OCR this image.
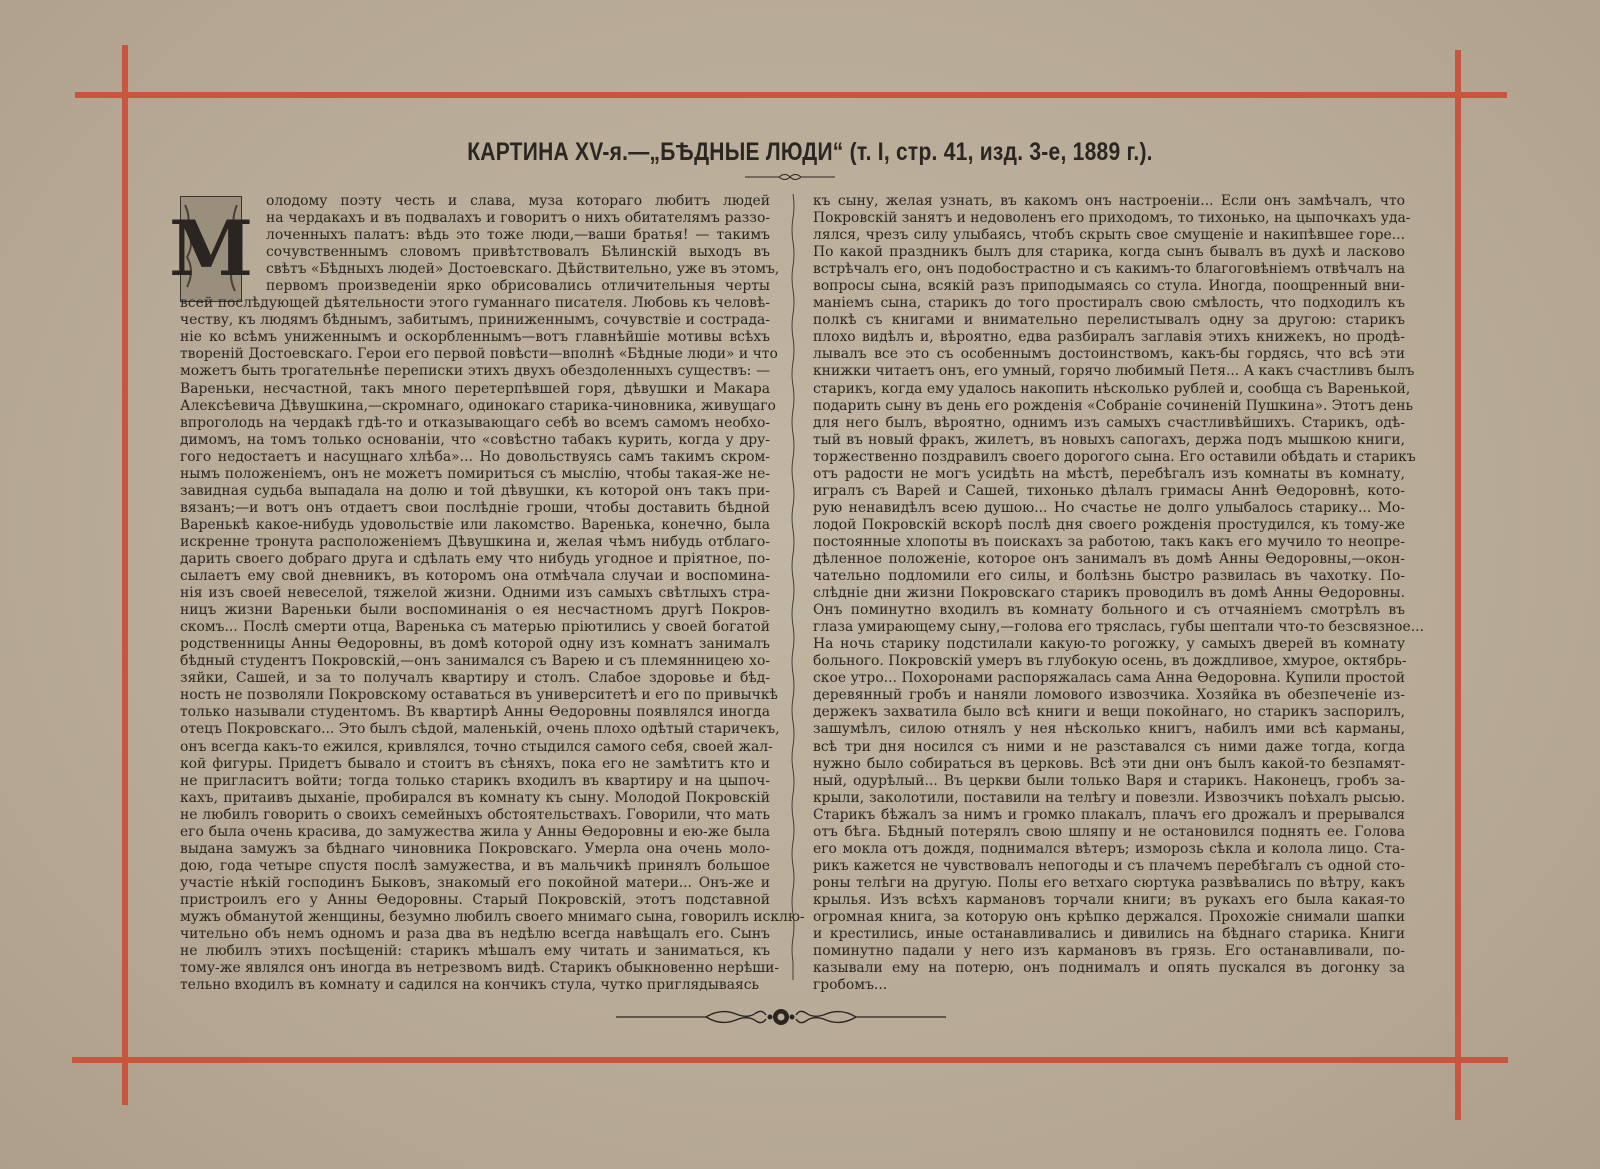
КАРТИНА XV-я.—„БѢДНЫЕ ЛЮДИ“ (т. I, стр. 41, изд. 3-е, 1889 г.).
М
олодому поэту честь и слава, муза котораго любитъ людей
на чердакахъ и въ подвалахъ и говоритъ о нихъ обитателямъ раззо-
лоченныхъ палатъ: вѣдь это тоже люди,—ваши братья! — такимъ
сочувственнымъ словомъ привѣтствовалъ Бѣлинскій выходъ въ
свѣтъ «Бѣдныхъ людей» Достоевскаго. Дѣйствительно, уже въ этомъ,
первомъ произведеніи ярко обрисовались отличительныя черты
всей послѣдующей дѣятельности этого гуманнаго писателя. Любовь къ человѣ-
честву, къ людямъ бѣднымъ, забитымъ, приниженнымъ, сочувствіе и сострада-
ніе ко всѣмъ униженнымъ и оскорбленнымъ—вотъ главнѣйшіе мотивы всѣхъ
твореній Достоевскаго. Герои его первой повѣсти—вполнѣ «Бѣдные люди» и что
можетъ быть трогательнѣе переписки этихъ двухъ обездоленныхъ существъ: —
Вареньки, несчастной, такъ много перетерпѣвшей горя, дѣвушки и Макара
Алексѣевича Дѣвушкина,—скромнаго, одинокаго старика-чиновника, живущаго
впроголодь на чердакѣ гдѣ-то и отказывающаго себѣ во всемъ самомъ необхо-
димомъ, на томъ только основаніи, что «совѣстно табакъ курить, когда у дру-
гого недостаетъ и насущнаго хлѣба»... Но довольствуясь самъ такимъ скром-
нымъ положеніемъ, онъ не можетъ помириться съ мыслію, чтобы такая-же не-
завидная судьба выпадала на долю и той дѣвушки, къ которой онъ такъ при-
вязанъ;—и вотъ онъ отдаетъ свои послѣдніе гроши, чтобы доставить бѣдной
Варенькѣ какое-нибудь удовольствіе или лакомство. Варенька, конечно, была
искренне тронута расположеніемъ Дѣвушкина и, желая чѣмъ нибудь отблаго-
дарить своего добраго друга и сдѣлать ему что нибудь угодное и пріятное, по-
сылаетъ ему свой дневникъ, въ которомъ она отмѣчала случаи и воспомина-
нія изъ своей невеселой, тяжелой жизни. Одними изъ самыхъ свѣтлыхъ стра-
ницъ жизни Вареньки были воспоминанія о ея несчастномъ другѣ Покров-
скомъ... Послѣ смерти отца, Варенька съ матерью пріютились у своей богатой
родственницы Анны Ѳедоровны, въ домѣ которой одну изъ комнатъ занималъ
бѣдный студентъ Покровскій,—онъ занимался съ Варею и съ племянницею хо-
зяйки, Сашей, и за то получалъ квартиру и столъ. Слабое здоровье и бѣд-
ность не позволяли Покровскому оставаться въ университетѣ и его по привычкѣ
только называли студентомъ. Въ квартирѣ Анны Ѳедоровны появлялся иногда
отецъ Покровскаго... Это былъ сѣдой, маленькій, очень плохо одѣтый старичекъ,
онъ всегда какъ-то ежился, кривлялся, точно стыдился самого себя, своей жал-
кой фигуры. Придетъ бывало и стоитъ въ сѣняхъ, пока его не замѣтитъ кто и
не пригласитъ войти; тогда только старикъ входилъ въ квартиру и на цыпоч-
кахъ, притаивъ дыханіе, пробирался въ комнату къ сыну. Молодой Покровскій
не любилъ говорить о своихъ семейныхъ обстоятельствахъ. Говорили, что мать
его была очень красива, до замужества жила у Анны Ѳедоровны и ею-же была
выдана замужъ за бѣднаго чиновника Покровскаго. Умерла она очень моло-
дою, года четыре спустя послѣ замужества, и въ мальчикѣ принялъ большое
участіе нѣкій господинъ Быковъ, знакомый его покойной матери... Онъ-же и
пристроилъ его у Анны Ѳедоровны. Старый Покровскій, этотъ подставной
мужъ обманутой женщины, безумно любилъ своего мнимаго сына, говорилъ исклю-
чительно объ немъ одномъ и раза два въ недѣлю всегда навѣщалъ его. Сынъ
не любилъ этихъ посѣщеній: старикъ мѣшалъ ему читать и заниматься, къ
тому-же являлся онъ иногда въ нетрезвомъ видѣ. Старикъ обыкновенно нерѣши-
тельно входилъ въ комнату и садился на кончикъ стула, чутко приглядываясь
къ сыну, желая узнать, въ какомъ онъ настроеніи... Если онъ замѣчалъ, что
Покровскій занятъ и недоволенъ его приходомъ, то тихонько, на цыпочкахъ уда-
лялся, чрезъ силу улыбаясь, чтобъ скрыть свое смущеніе и накипѣвшее горе...
По какой праздникъ былъ для старика, когда сынъ бывалъ въ духѣ и ласково
встрѣчалъ его, онъ подобострастно и съ какимъ-то благоговѣніемъ отвѣчалъ на
вопросы сына, всякій разъ приподымаясь со стула. Иногда, поощренный вни-
маніемъ сына, старикъ до того простиралъ свою смѣлость, что подходилъ къ
полкѣ съ книгами и внимательно перелистывалъ одну за другою: старикъ
плохо видѣлъ и, вѣроятно, едва разбиралъ заглавія этихъ книжекъ, но продѣ-
лывалъ все это съ особеннымъ достоинствомъ, какъ-бы гордясь, что всѣ эти
книжки читаетъ онъ, его умный, горячо любимый Петя... А какъ счастливъ былъ
старикъ, когда ему удалось накопить нѣсколько рублей и, сообща съ Варенькой,
подарить сыну въ день его рожденія «Собраніе сочиненій Пушкина». Этотъ день
для него былъ, вѣроятно, однимъ изъ самыхъ счастливѣйшихъ. Старикъ, одѣ-
тый въ новый фракъ, жилетъ, въ новыхъ сапогахъ, держа подъ мышкою книги,
торжественно поздравилъ своего дорогого сына. Его оставили обѣдать и старикъ
отъ радости не могъ усидѣть на мѣстѣ, перебѣгалъ изъ комнаты въ комнату,
игралъ съ Варей и Сашей, тихонько дѣлалъ гримасы Аннѣ Ѳедоровнѣ, кото-
рую ненавидѣлъ всею душою... Но счастье не долго улыбалось старику... Мо-
лодой Покровскій вскорѣ послѣ дня своего рожденія простудился, къ тому-же
постоянные хлопоты въ поискахъ за работою, такъ какъ его мучило то неопре-
дѣленное положеніе, которое онъ занималъ въ домѣ Анны Ѳедоровны,—окон-
чательно подломили его силы, и болѣзнь быстро развилась въ чахотку. По-
слѣдніе дни жизни Покровскаго старикъ проводилъ въ домѣ Анны Ѳедоровны.
Онъ поминутно входилъ въ комнату больного и съ отчаяніемъ смотрѣлъ въ
глаза умирающему сыну,—голова его тряслась, губы шептали что-то безсвязное...
На ночь старику подстилали какую-то рогожку, у самыхъ дверей въ комнату
больного. Покровскій умеръ въ глубокую осень, въ дождливое, хмурое, октябрь-
ское утро... Похоронами распоряжалась сама Анна Ѳедоровна. Купили простой
деревянный гробъ и наняли ломового извозчика. Хозяйка въ обезпеченіе из-
держекъ захватила было всѣ книги и вещи покойнаго, но старикъ заспорилъ,
зашумѣлъ, силою отнялъ у нея нѣсколько книгъ, набилъ ими всѣ карманы,
всѣ три дня носился съ ними и не разставался съ ними даже тогда, когда
нужно было собираться въ церковь. Всѣ эти дни онъ былъ какой-то безпамят-
ный, одурѣлый... Въ церкви были только Варя и старикъ. Наконецъ, гробъ за-
крыли, заколотили, поставили на телѣгу и повезли. Извозчикъ поѣхалъ рысью.
Старикъ бѣжалъ за нимъ и громко плакалъ, плачъ его дрожалъ и прерывался
отъ бѣга. Бѣдный потерялъ свою шляпу и не остановился поднять ее. Голова
его мокла отъ дождя, поднимался вѣтеръ; изморозь сѣкла и колола лицо. Ста-
рикъ кажется не чувствовалъ непогоды и съ плачемъ перебѣгалъ съ одной сто-
роны телѣги на другую. Полы его ветхаго сюртука развѣвались по вѣтру, какъ
крылья. Изъ всѣхъ кармановъ торчали книги; въ рукахъ его была какая-то
огромная книга, за которую онъ крѣпко держался. Прохожіе снимали шапки
и крестились, иные останавливались и дивились на бѣднаго старика. Книги
поминутно падали у него изъ кармановъ въ грязь. Его останавливали, по-
казывали ему на потерю, онъ поднималъ и опять пускался въ догонку за
гробомъ...
